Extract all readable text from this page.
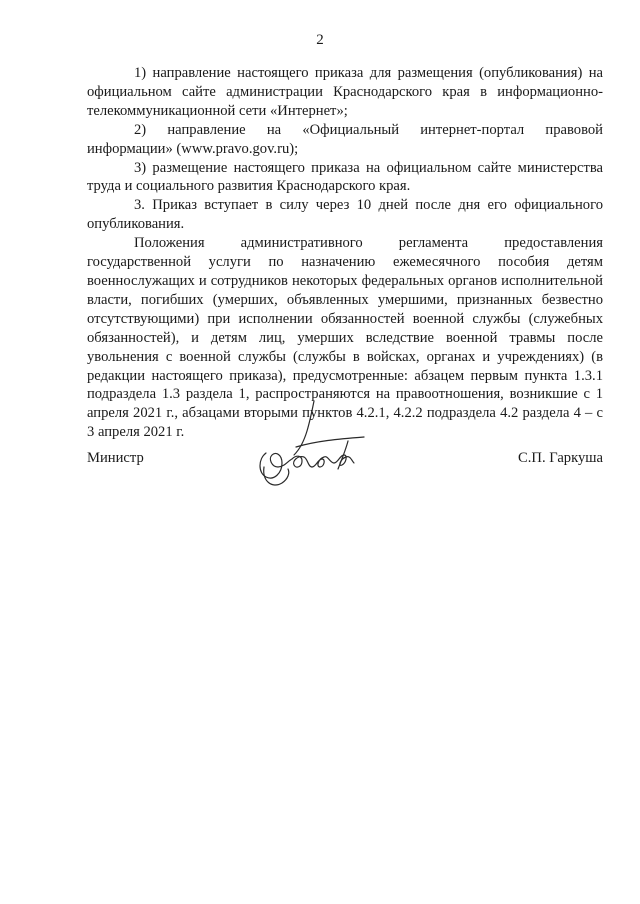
2

1) направление настоящего приказа для размещения (опубликования) на официальном сайте администрации Краснодарского края в информационно-телекоммуникационной сети «Интернет»;

2) направление на «Официальный интернет-портал правовой информации» (www.pravo.gov.ru);

3) размещение настоящего приказа на официальном сайте министерства труда и социального развития Краснодарского края.

3. Приказ вступает в силу через 10 дней после дня его официального опубликования.

Положения административного регламента предоставления государственной услуги по назначению ежемесячного пособия детям военнослужащих и сотрудников некоторых федеральных органов исполнительной власти, погибших (умерших, объявленных умершими, признанных безвестно отсутствующими) при исполнении обязанностей военной службы (служебных обязанностей), и детям лиц, умерших вследствие военной травмы после увольнения с военной службы (службы в войсках, органах и учреждениях) (в редакции настоящего приказа), предусмотренные: абзацем первым пункта 1.3.1 подраздела 1.3 раздела 1, распространяются на правоотношения, возникшие с 1 апреля 2021 г., абзацами вторыми пунктов 4.2.1, 4.2.2 подраздела 4.2 раздела 4 – с 3 апреля 2021 г.

Министр	С.П. Гаркуша
